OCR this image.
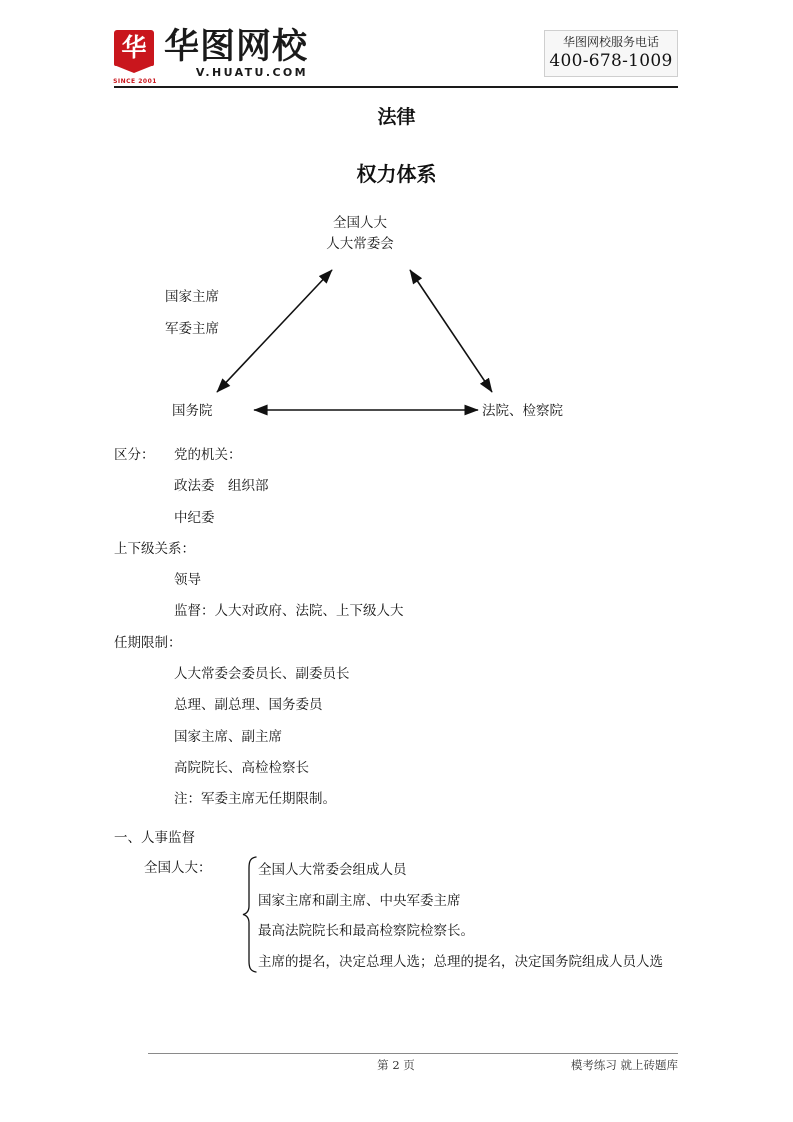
华
SINCE 2001
华图网校
V.HUATU.COM
华图网校服务电话
400-678-1009
法律
权力体系
全国人大
人大常委会
国家主席
军委主席
国务院	法院、检察院
区分： 党的机关：
政法委　组织部
中纪委
上下级关系：
领导
监督：人大对政府、法院、上下级人大
任期限制：
人大常委会委员长、副委员长
总理、副总理、国务委员
国家主席、副主席
高院院长、高检检察长
注：军委主席无任期限制。
一、人事监督
全国人大：	全国人大常委会组成人员
国家主席和副主席、中央军委主席
最高法院院长和最高检察院检察长。
主席的提名，决定总理人选；总理的提名，决定国务院组成人员人选
第 2 页	模考练习 就上砖题库
